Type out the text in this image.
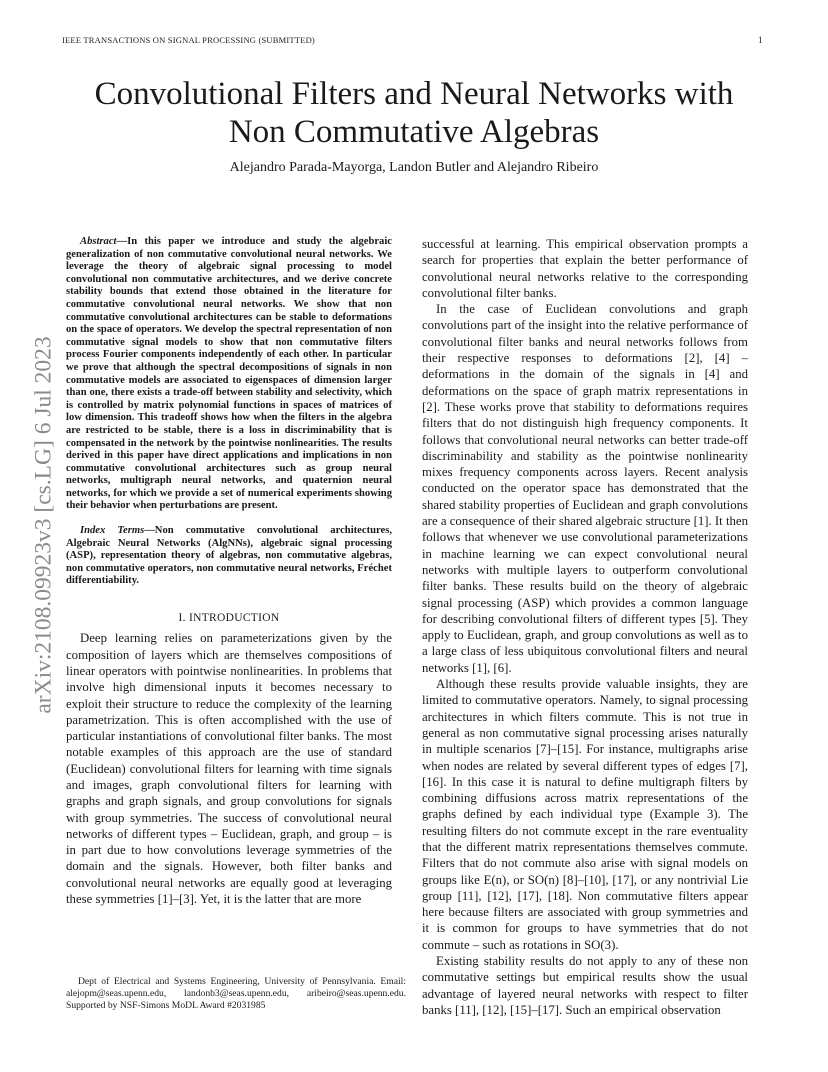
IEEE TRANSACTIONS ON SIGNAL PROCESSING (SUBMITTED)	1
arXiv:2108.09923v3 [cs.LG] 6 Jul 2023
Convolutional Filters and Neural Networks with
Non Commutative Algebras
Alejandro Parada-Mayorga, Landon Butler and Alejandro Ribeiro

Abstract—In this paper we introduce and study the algebraic generalization of non commutative convolutional neural networks. We leverage the theory of algebraic signal processing to model convolutional non commutative architectures, and we derive concrete stability bounds that extend those obtained in the literature for commutative convolutional neural networks. We show that non commutative convolutional architectures can be stable to deformations on the space of operators. We develop the spectral representation of non commutative signal models to show that non commutative filters process Fourier components independently of each other. In particular we prove that although the spectral decompositions of signals in non commutative models are associated to eigenspaces of dimension larger than one, there exists a trade-off between stability and selectivity, which is controlled by matrix polynomial functions in spaces of matrices of low dimension. This tradeoff shows how when the filters in the algebra are restricted to be stable, there is a loss in discriminability that is compensated in the network by the pointwise nonlinearities. The results derived in this paper have direct applications and implications in non commutative convolutional architectures such as group neural networks, multigraph neural networks, and quaternion neural networks, for which we provide a set of numerical experiments showing their behavior when perturbations are present.

Index Terms—Non commutative convolutional architectures, Algebraic Neural Networks (AlgNNs), algebraic signal processing (ASP), representation theory of algebras, non commutative algebras, non commutative operators, non commutative neural networks, Fréchet differentiability.

I. INTRODUCTION

Deep learning relies on parameterizations given by the composition of layers which are themselves compositions of linear operators with pointwise nonlinearities. In problems that involve high dimensional inputs it becomes necessary to exploit their structure to reduce the complexity of the learning parametrization. This is often accomplished with the use of particular instantiations of convolutional filter banks. The most notable examples of this approach are the use of standard (Euclidean) convolutional filters for learning with time signals and images, graph convolutional filters for learning with graphs and graph signals, and group convolutions for signals with group symmetries. The success of convolutional neural networks of different types – Euclidean, graph, and group – is in part due to how convolutions leverage symmetries of the domain and the signals. However, both filter banks and convolutional neural networks are equally good at leveraging these symmetries [1]–[3]. Yet, it is the latter that are more

successful at learning. This empirical observation prompts a search for properties that explain the better performance of convolutional neural networks relative to the corresponding convolutional filter banks.

In the case of Euclidean convolutions and graph convolutions part of the insight into the relative performance of convolutional filter banks and neural networks follows from their respective responses to deformations [2], [4] – deformations in the domain of the signals in [4] and deformations on the space of graph matrix representations in [2]. These works prove that stability to deformations requires filters that do not distinguish high frequency components. It follows that convolutional neural networks can better trade-off discriminability and stability as the pointwise nonlinearity mixes frequency components across layers. Recent analysis conducted on the operator space has demonstrated that the shared stability properties of Euclidean and graph convolutions are a consequence of their shared algebraic structure [1]. It then follows that whenever we use convolutional parameterizations in machine learning we can expect convolutional neural networks with multiple layers to outperform convolutional filter banks. These results build on the theory of algebraic signal processing (ASP) which provides a common language for describing convolutional filters of different types [5]. They apply to Euclidean, graph, and group convolutions as well as to a large class of less ubiquitous convolutional filters and neural networks [1], [6].

Although these results provide valuable insights, they are limited to commutative operators. Namely, to signal processing architectures in which filters commute. This is not true in general as non commutative signal processing arises naturally in multiple scenarios [7]–[15]. For instance, multigraphs arise when nodes are related by several different types of edges [7], [16]. In this case it is natural to define multigraph filters by combining diffusions across matrix representations of the graphs defined by each individual type (Example 3). The resulting filters do not commute except in the rare eventuality that the different matrix representations themselves commute. Filters that do not commute also arise with signal models on groups like E(n), or SO(n) [8]–[10], [17], or any nontrivial Lie group [11], [12], [17], [18]. Non commutative filters appear here because filters are associated with group symmetries and it is common for groups to have symmetries that do not commute – such as rotations in SO(3).

Existing stability results do not apply to any of these non commutative settings but empirical results show the usual advantage of layered neural networks with respect to filter banks [11], [12], [15]–[17]. Such an empirical observation

Dept of Electrical and Systems Engineering, University of Pennsylvania. Email: alejopm@seas.upenn.edu, landonb3@seas.upenn.edu, aribeiro@seas.upenn.edu. Supported by NSF-Simons MoDL Award #2031985
